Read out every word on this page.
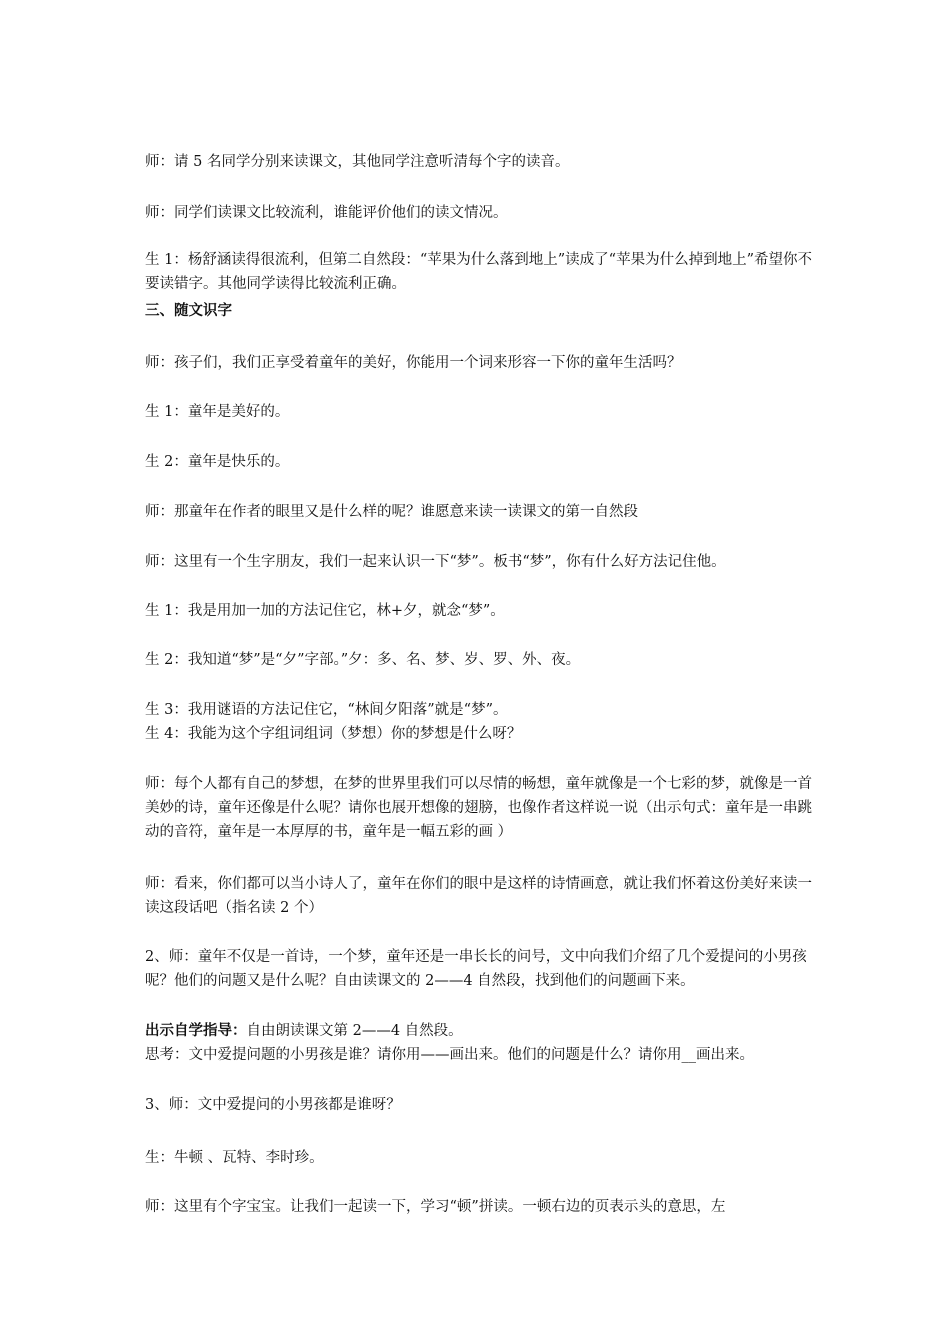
师：请 5 名同学分别来读课文，其他同学注意听清每个字的读音。

师：同学们读课文比较流利，谁能评价他们的读文情况。

生 1：杨舒涵读得很流利，但第二自然段：“苹果为什么落到地上”读成了“苹果为什么掉到地上”希望你不要读错字。其他同学读得比较流利正确。

三、随文识字

师：孩子们，我们正享受着童年的美好，你能用一个词来形容一下你的童年生活吗？

生 1：童年是美好的。

生 2：童年是快乐的。

师：那童年在作者的眼里又是什么样的呢？谁愿意来读一读课文的第一自然段

师：这里有一个生字朋友，我们一起来认识一下“梦”。板书“梦”，你有什么好方法记住他。

生 1：我是用加一加的方法记住它，林+夕，就念“梦”。

生 2：我知道“梦”是“夕”字部。”夕：多、名、梦、岁、罗、外、夜。

生 3：我用谜语的方法记住它，“林间夕阳落”就是“梦”。

生 4：我能为这个字组词组词（梦想）你的梦想是什么呀？

师：每个人都有自己的梦想，在梦的世界里我们可以尽情的畅想，童年就像是一个七彩的梦，就像是一首美妙的诗，童年还像是什么呢？请你也展开想像的翅膀，也像作者这样说一说（出示句式：童年是一串跳动的音符，童年是一本厚厚的书，童年是一幅五彩的画 ）

师：看来，你们都可以当小诗人了，童年在你们的眼中是这样的诗情画意，就让我们怀着这份美好来读一读这段话吧（指名读 2 个）

2、师：童年不仅是一首诗，一个梦，童年还是一串长长的问号，文中向我们介绍了几个爱提问的小男孩呢？他们的问题又是什么呢？自由读课文的 2——4 自然段，找到他们的问题画下来。

出示自学指导：自由朗读课文第 2——4 自然段。

思考：文中爱提问题的小男孩是谁？请你用——画出来。他们的问题是什么？请你用__画出来。

3、师：文中爱提问的小男孩都是谁呀？

生：牛顿 、瓦特、李时珍。

师：这里有个字宝宝。让我们一起读一下，学习“顿”拼读。一顿右边的页表示头的意思，左
